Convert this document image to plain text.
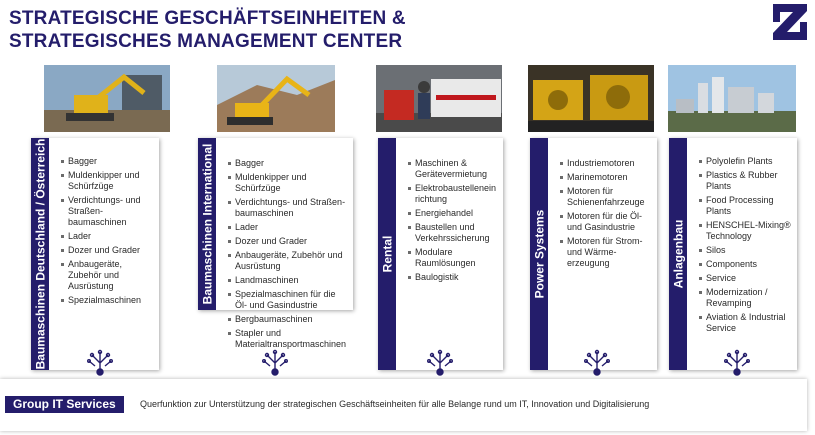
STRATEGISCHE GESCHÄFTSEINHEITEN &
STRATEGISCHES MANAGEMENT CENTER
Baumaschinen Deutschland / Österreich	Bagger
Muldenkipper und Schürfzüge
Verdichtungs- und Straßen-baumaschinen
Lader
Dozer und Grader
Anbaugeräte, Zubehör und Ausrüstung
Spezialmaschinen	Baumaschinen International	Bagger
Muldenkipper und Schürfzüge
Verdichtungs- und Straßen-baumaschinen
Lader
Dozer und Grader
Anbaugeräte, Zubehör und Ausrüstung
Landmaschinen
Spezialmaschinen für die Öl- und Gasindustrie
Bergbaumaschinen
Stapler und Materialtransportmaschinen
Rental
Maschinen & Gerätevermietung
Elektrobaustellenein richtung
Energiehandel
Baustellen und Verkehrssicherung
Modulare Raumlösungen
Baulogistik	Power Systems
Industriemotoren
Marinemotoren
Motoren für Schienenfahrzeuge
Motoren für die Öl- und Gasindustrie
Motoren für Strom- und Wärme-erzeugung	Anlagenbau
Polyolefin Plants
Plastics & Rubber Plants
Food Processing Plants
HENSCHEL-Mixing® Technology
Silos
Components
Service
Modernization / Revamping
Aviation & Industrial Service
Group IT Services	Querfunktion zur Unterstützung der strategischen Geschäftseinheiten für alle Belange rund um IT, Innovation und Digitalisierung
